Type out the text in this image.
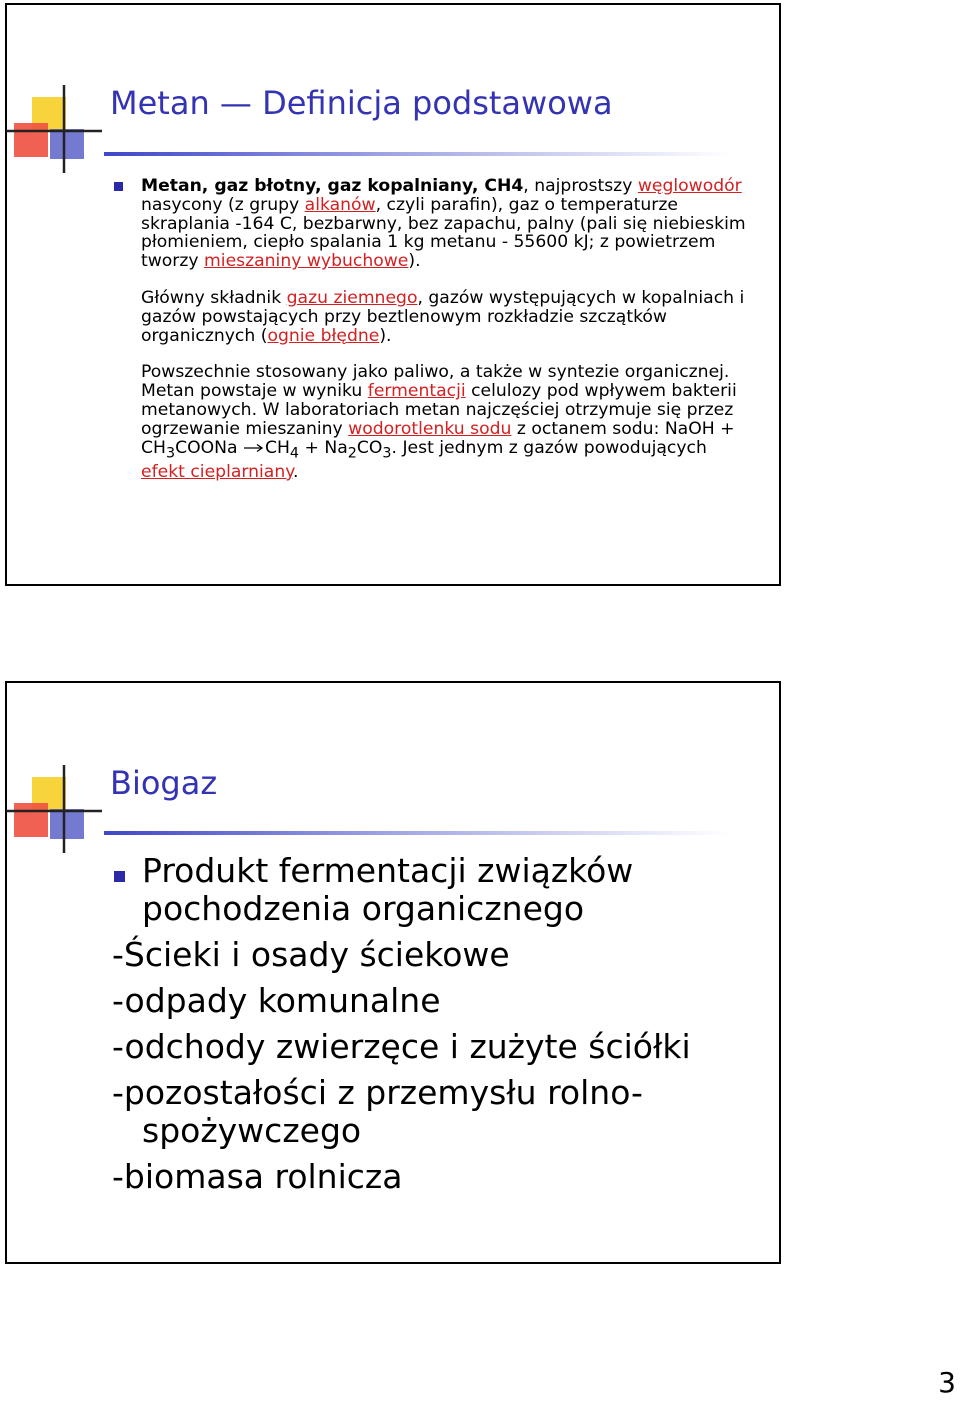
Metan — Definicja podstawowa

Metan, gaz błotny, gaz kopalniany, CH4, najprostszy węglowodór nasycony (z grupy alkanów, czyli parafin), gaz o temperaturze skraplania -164 C, bezbarwny, bez zapachu, palny (pali się niebieskim płomieniem, ciepło spalania 1 kg metanu - 55600 kJ; z powietrzem tworzy mieszaniny wybuchowe).

Główny składnik gazu ziemnego, gazów występujących w kopalniach i gazów powstających przy beztlenowym rozkładzie szczątków organicznych (ognie błędne).

Powszechnie stosowany jako paliwo, a także w syntezie organicznej. Metan powstaje w wyniku fermentacji celulozy pod wpływem bakterii metanowych. W laboratoriach metan najczęściej otrzymuje się przez ogrzewanie mieszaniny wodorotlenku sodu z octanem sodu: NaOH + $CH_3COONa \to CH_4 + Na_2CO_3$. Jest jednym z gazów powodujących efekt cieplarniany.

Biogaz
Produkt fermentacji związków pochodzenia organicznego
-Ścieki i osady ściekowe
-odpady komunalne
-odchody zwierzęce i zużyte ściółki
-pozostałości z przemysłu rolno-spożywczego
-biomasa rolnicza
3
